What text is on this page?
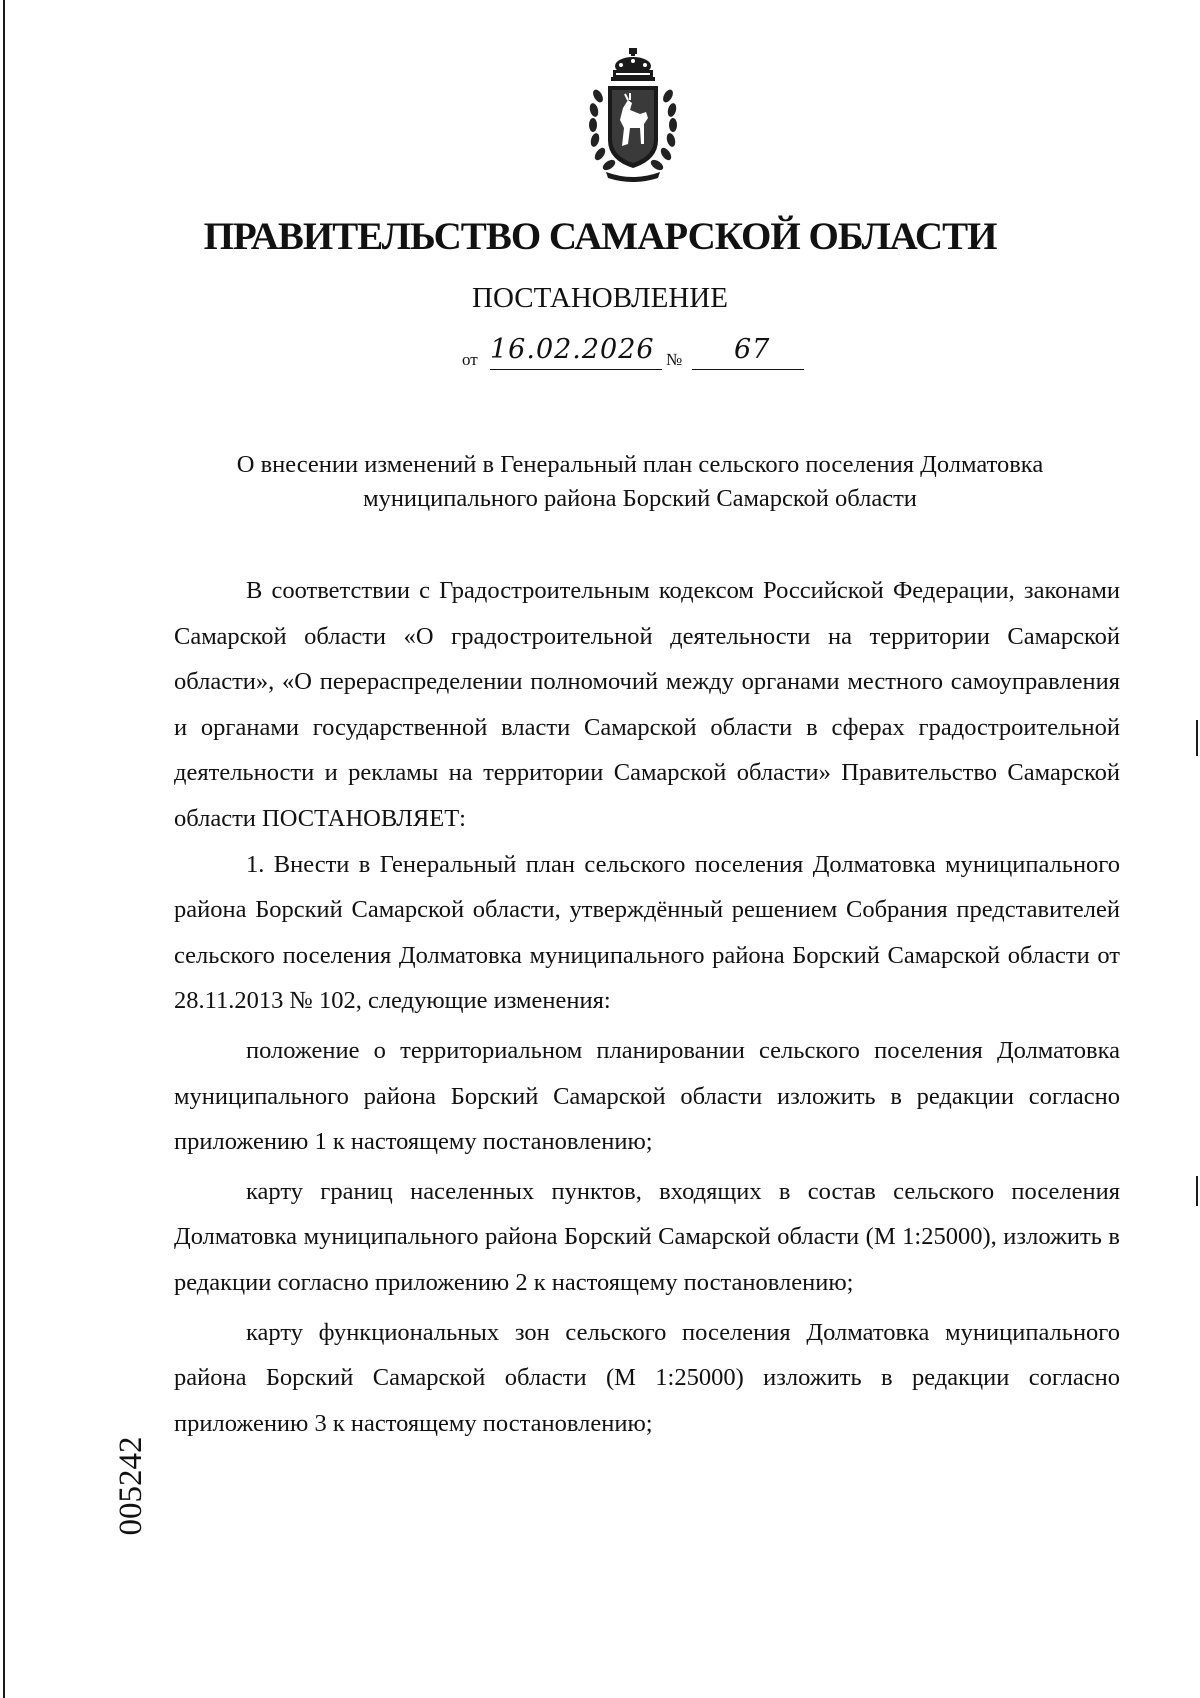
ПРАВИТЕЛЬСТВО САМАРСКОЙ ОБЛАСТИ
ПОСТАНОВЛЕНИЕ
от 16.02.2026 № 67
О внесении изменений в Генеральный план сельского поселения Долматовка
муниципального района Борский Самарской области

В соответствии с Градостроительным кодексом Российской Федерации, законами Самарской области «О градостроительной деятельности на территории Самарской области», «О перераспределении полномочий между органами местного самоуправления и органами государственной власти Самарской области в сферах градостроительной деятельности и рекламы на территории Самарской области» Правительство Самарской области ПОСТАНОВЛЯЕТ:

1. Внести в Генеральный план сельского поселения Долматовка муниципального района Борский Самарской области, утверждённый решением Собрания представителей сельского поселения Долматовка муниципального района Борский Самарской области от 28.11.2013 № 102, следующие изменения:

положение о территориальном планировании сельского поселения Долматовка муниципального района Борский Самарской области изложить в редакции согласно приложению 1 к настоящему постановлению;

карту границ населенных пунктов, входящих в состав сельского поселения Долматовка муниципального района Борский Самарской области (М 1:25000), изложить в редакции согласно приложению 2 к настоящему постановлению;

карту функциональных зон сельского поселения Долматовка муниципального района Борский Самарской области (М 1:25000) изложить в редакции согласно приложению 3 к настоящему постановлению;

005242
